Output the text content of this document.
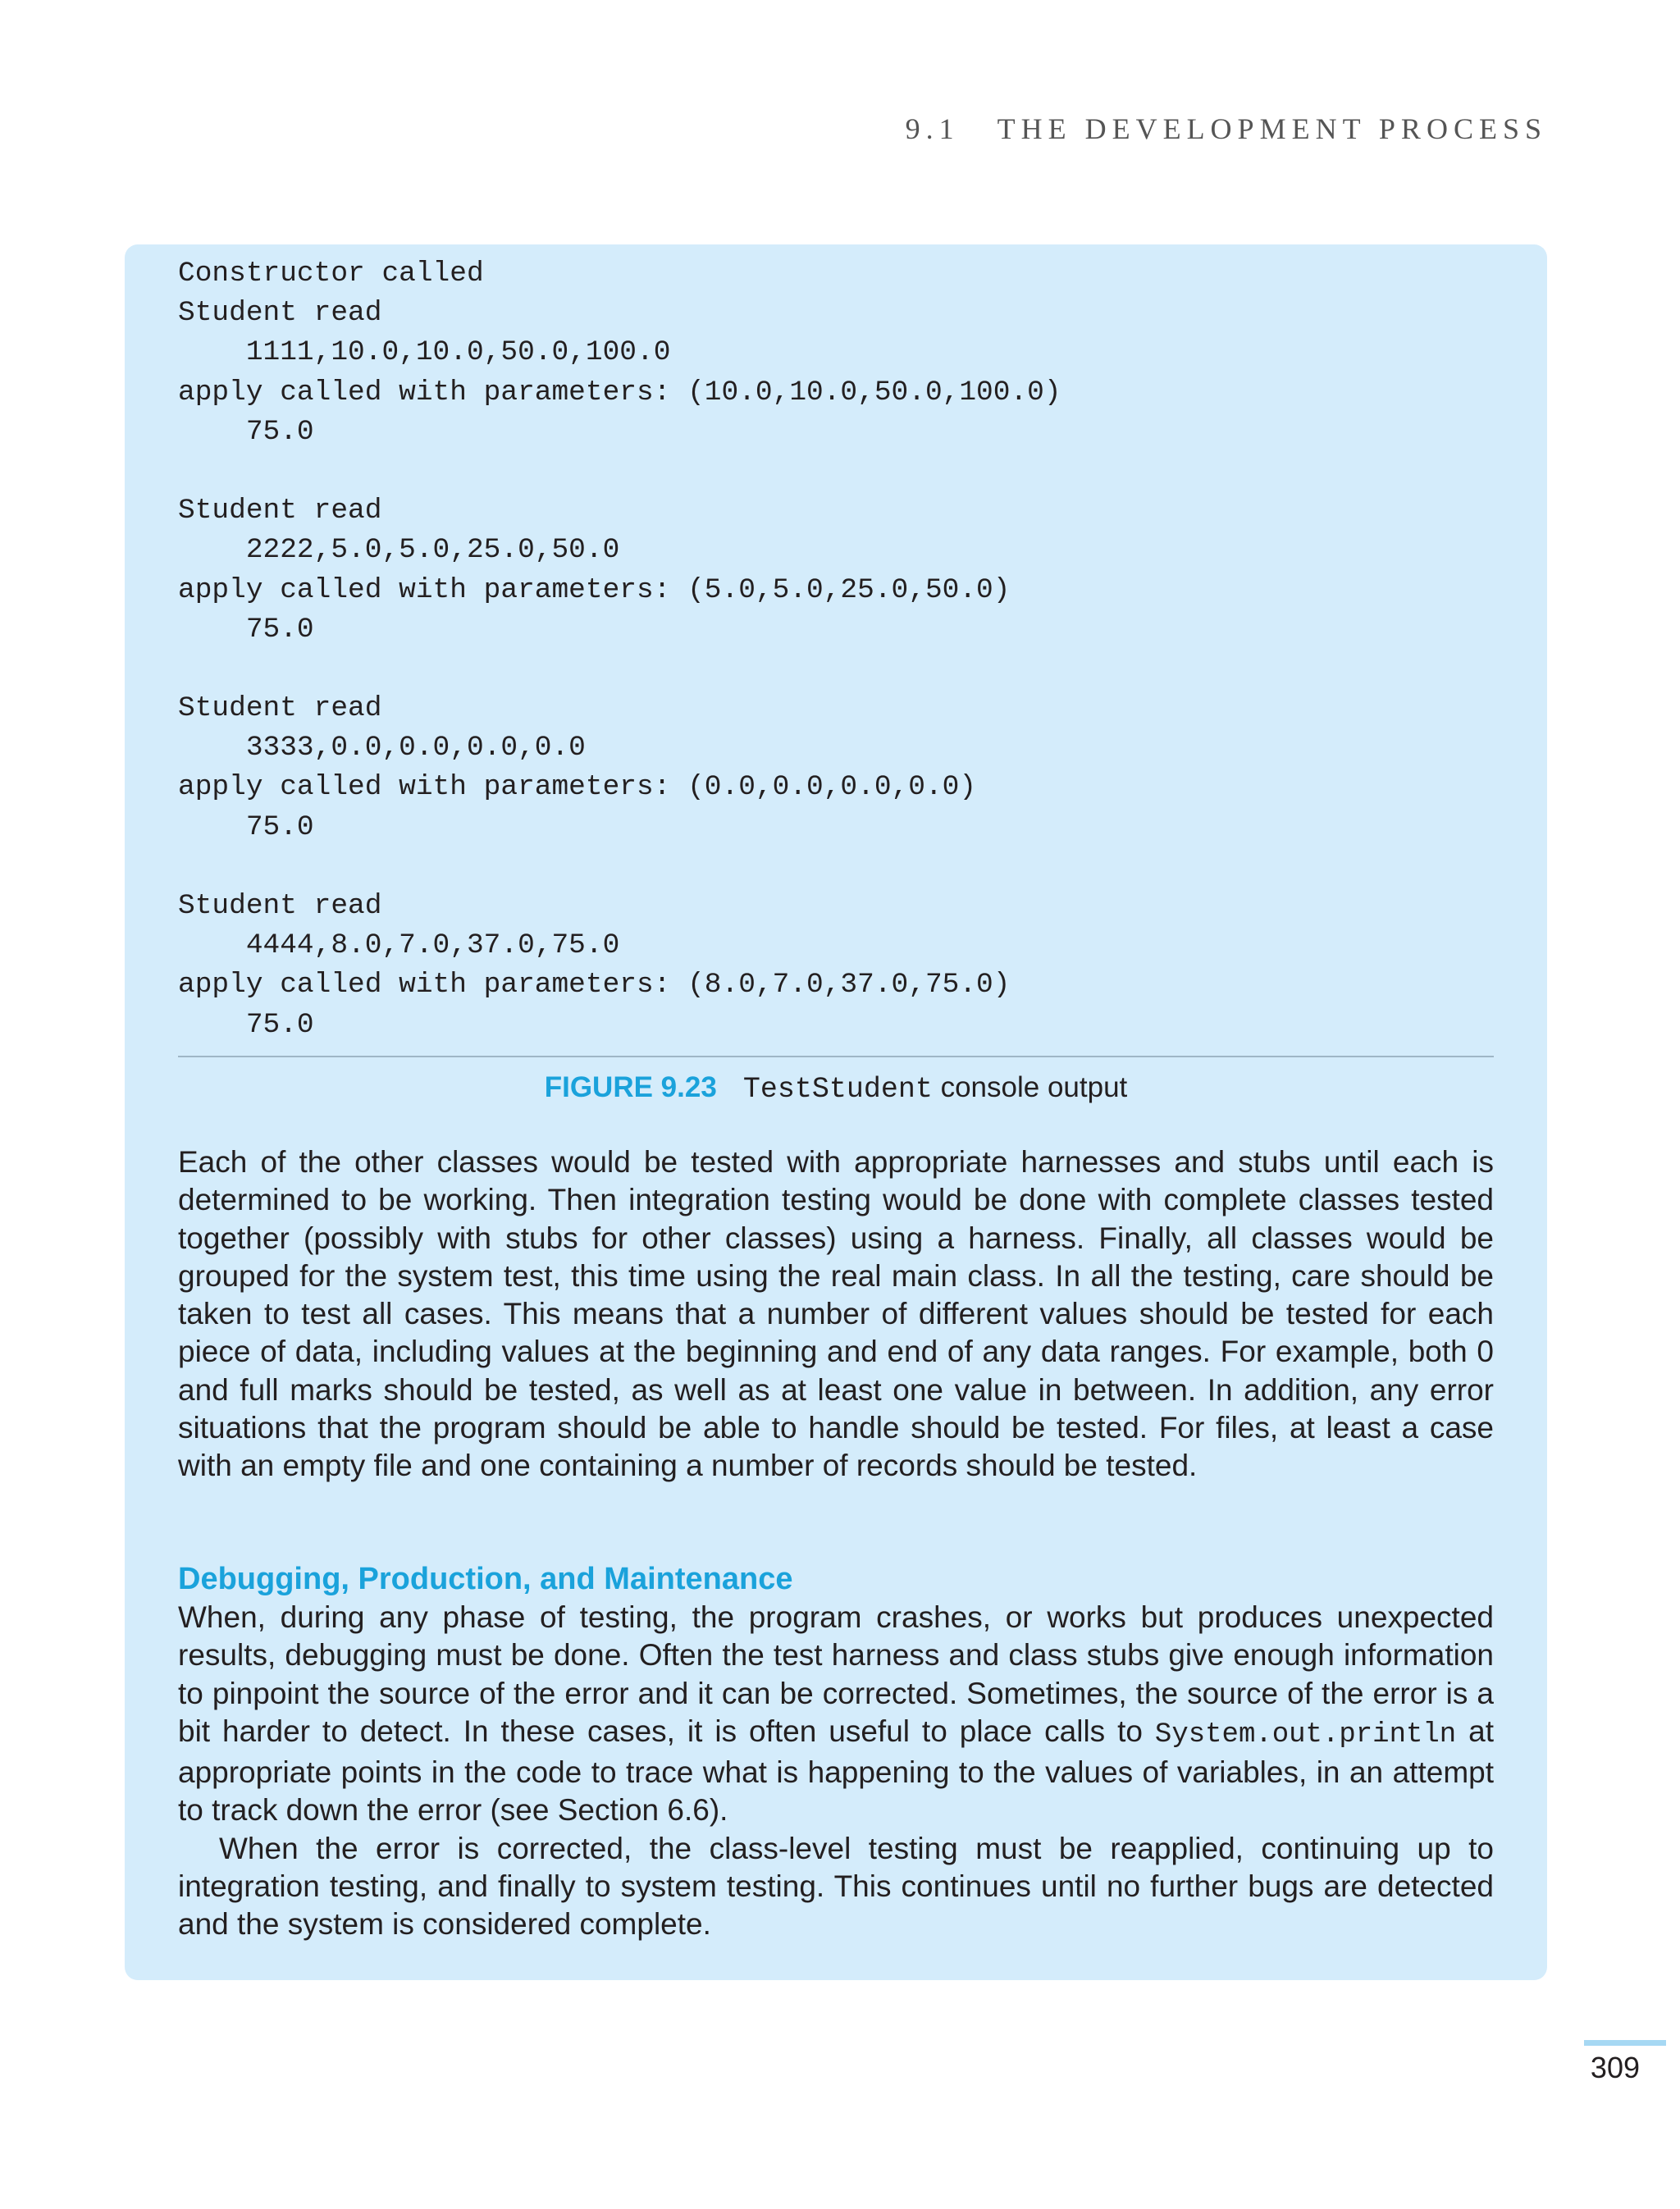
9.1 THE DEVELOPMENT PROCESS
Constructor called
Student read
1111,10.0,10.0,50.0,100.0
apply called with parameters: (10.0,10.0,50.0,100.0)
75.0
Student read
2222,5.0,5.0,25.0,50.0
apply called with parameters: (5.0,5.0,25.0,50.0)
75.0
Student read
3333,0.0,0.0,0.0,0.0
apply called with parameters: (0.0,0.0,0.0,0.0)
75.0
Student read
4444,8.0,7.0,37.0,75.0
apply called with parameters: (8.0,7.0,37.0,75.0)
75.0
FIGURE 9.23 TestStudent console output

Each of the other classes would be tested with appropriate harnesses and stubs until each is determined to be working. Then integration testing would be done with complete classes tested together (possibly with stubs for other classes) using a harness. Finally, all classes would be grouped for the system test, this time using the real main class. In all the testing, care should be taken to test all cases. This means that a number of different values should be tested for each piece of data, including values at the beginning and end of any data ranges. For example, both 0 and full marks should be tested, as well as at least one value in between. In addition, any error situations that the program should be able to handle should be tested. For files, at least a case with an empty file and one containing a number of records should be tested.

Debugging, Production, and Maintenance

When, during any phase of testing, the program crashes, or works but produces unexpected results, debugging must be done. Often the test harness and class stubs give enough information to pinpoint the source of the error and it can be corrected. Sometimes, the source of the error is a bit harder to detect. In these cases, it is often useful to place calls to System.out.println at appropriate points in the code to trace what is happening to the values of variables, in an attempt to track down the error (see Section 6.6).

When the error is corrected, the class-level testing must be reapplied, continuing up to integration testing, and finally to system testing. This continues until no further bugs are detected and the system is considered complete.

309
